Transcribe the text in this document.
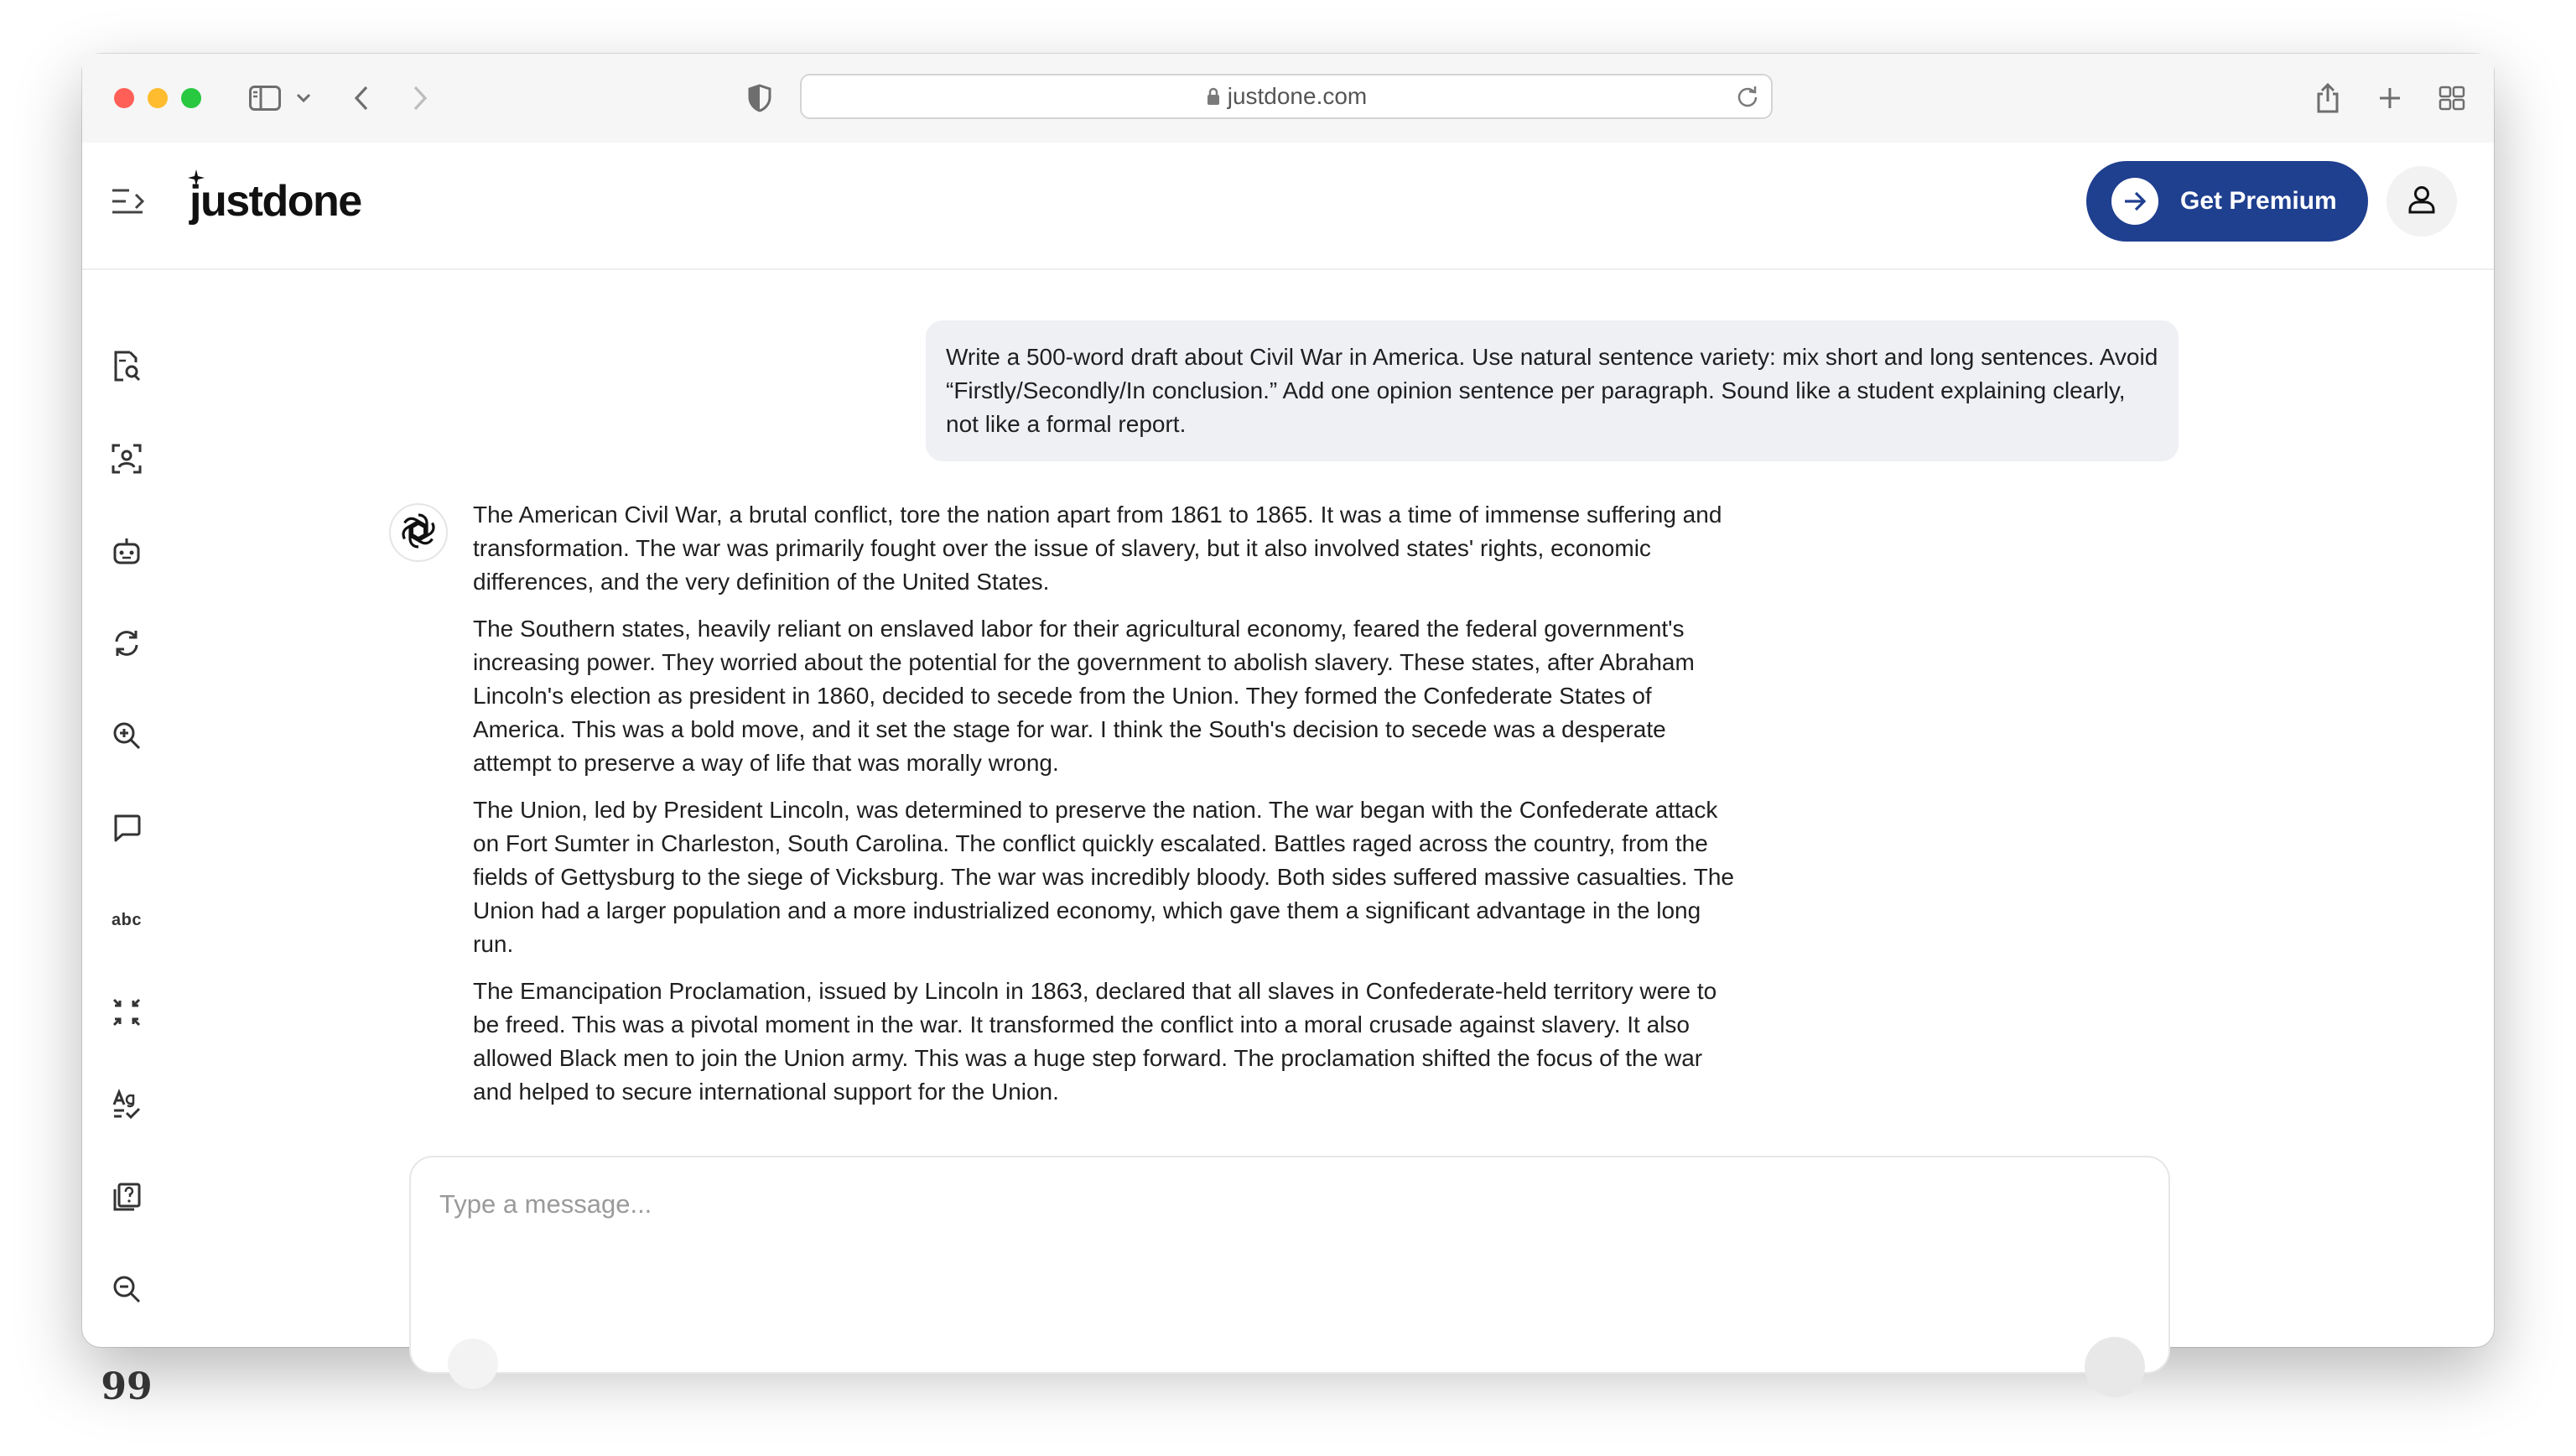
justdone.com
justdone	Get Premium
abc
99
Write a 500-word draft about Civil War in America. Use natural sentence variety: mix short and long sentences. Avoid “Firstly/Secondly/In conclusion.” Add one opinion sentence per paragraph. Sound like a student explaining clearly, not like a formal report.

The American Civil War, a brutal conflict, tore the nation apart from 1861 to 1865. It was a time of immense suffering and transformation. The war was primarily fought over the issue of slavery, but it also involved states' rights, economic differences, and the very definition of the United States.

The Southern states, heavily reliant on enslaved labor for their agricultural economy, feared the federal government's increasing power. They worried about the potential for the government to abolish slavery. These states, after Abraham Lincoln's election as president in 1860, decided to secede from the Union. They formed the Confederate States of America. This was a bold move, and it set the stage for war. I think the South's decision to secede was a desperate attempt to preserve a way of life that was morally wrong.

The Union, led by President Lincoln, was determined to preserve the nation. The war began with the Confederate attack on Fort Sumter in Charleston, South Carolina. The conflict quickly escalated. Battles raged across the country, from the fields of Gettysburg to the siege of Vicksburg. The war was incredibly bloody. Both sides suffered massive casualties. The Union had a larger population and a more industrialized economy, which gave them a significant advantage in the long run.

The Emancipation Proclamation, issued by Lincoln in 1863, declared that all slaves in Confederate-held territory were to be freed. This was a pivotal moment in the war. It transformed the conflict into a moral crusade against slavery. It also allowed Black men to join the Union army. This was a huge step forward. The proclamation shifted the focus of the war and helped to secure international support for the Union.

Type a message...
